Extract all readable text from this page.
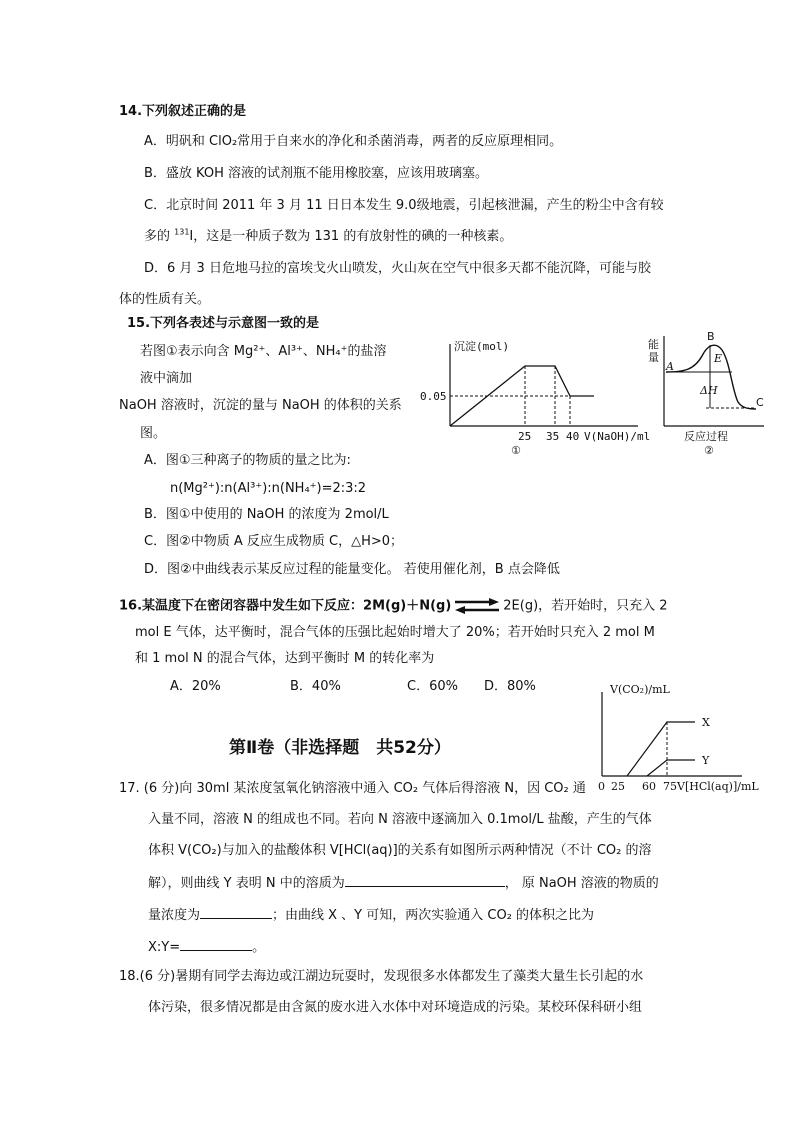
14.下列叙述正确的是
A．明矾和 ClO₂常用于自来水的净化和杀菌消毒，两者的反应原理相同。
B．盛放 KOH 溶液的试剂瓶不能用橡胶塞，应该用玻璃塞。
C．北京时间 2011 年 3 月 11 日日本发生 9.0级地震，引起核泄漏，产生的粉尘中含有较
多的 $^{131}$I，这是一种质子数为 131 的有放射性的碘的一种核素。
D．6 月 3 日危地马拉的富埃戈火山喷发，火山灰在空气中很多天都不能沉降，可能与胶
体的性质有关。
15.下列各表述与示意图一致的是
若图①表示向含 Mg²⁺、Al³⁺、NH₄⁺的盐溶
液中滴加
NaOH 溶液时，沉淀的量与 NaOH 的体积的关系
图。
沉淀(mol)
25 35 40
0.05
V(NaOH)/ml
①
能
量
A
B
C
E
ΔH
反应过程
②
A．图①三种离子的物质的量之比为:
n(Mg²⁺):n(Al³⁺):n(NH₄⁺)=2:3:2
B．图①中使用的 NaOH 的浓度为 2mol/L
C．图②中物质 A 反应生成物质 C，△H>0；
D．图②中曲线表示某反应过程的能量变化。 若使用催化剂，B 点会降低
16.某温度下在密闭容器中发生如下反应：2M(g)＋N(g) ⇌ 2E(g)，若开始时，只充入 2
mol E 气体，达平衡时，混合气体的压强比起始时增大了 20%；若开始时只充入 2 mol M
和 1 mol N 的混合气体，达到平衡时 M 的转化率为
A．20%	B．40%	C．60% D．80%	V(CO₂)/mL
X
Y
0 25 60 75 V[HCl(aq)]/mL
第Ⅱ卷（非选择题　共52分）
17. (6 分)向 30ml 某浓度氢氧化钠溶液中通入 CO₂ 气体后得溶液 N，因 CO₂ 通
入量不同，溶液 N 的组成也不同。若向 N 溶液中逐滴加入 0.1mol/L 盐酸，产生的气体
体积 V(CO₂)与加入的盐酸体积 V[HCl(aq)]的关系有如图所示两种情况（不计 CO₂ 的溶
解），则曲线 Y 表明 N 中的溶质为	， 原 NaOH 溶液的物质的
量浓度为	；由曲线 X 、Y 可知，两次实验通入 CO₂ 的体积之比为
X:Y=	。
18.(6 分)暑期有同学去海边或江湖边玩耍时，发现很多水体都发生了藻类大量生长引起的水
体污染，很多情况都是由含氮的废水进入水体中对环境造成的污染。某校环保科研小组
